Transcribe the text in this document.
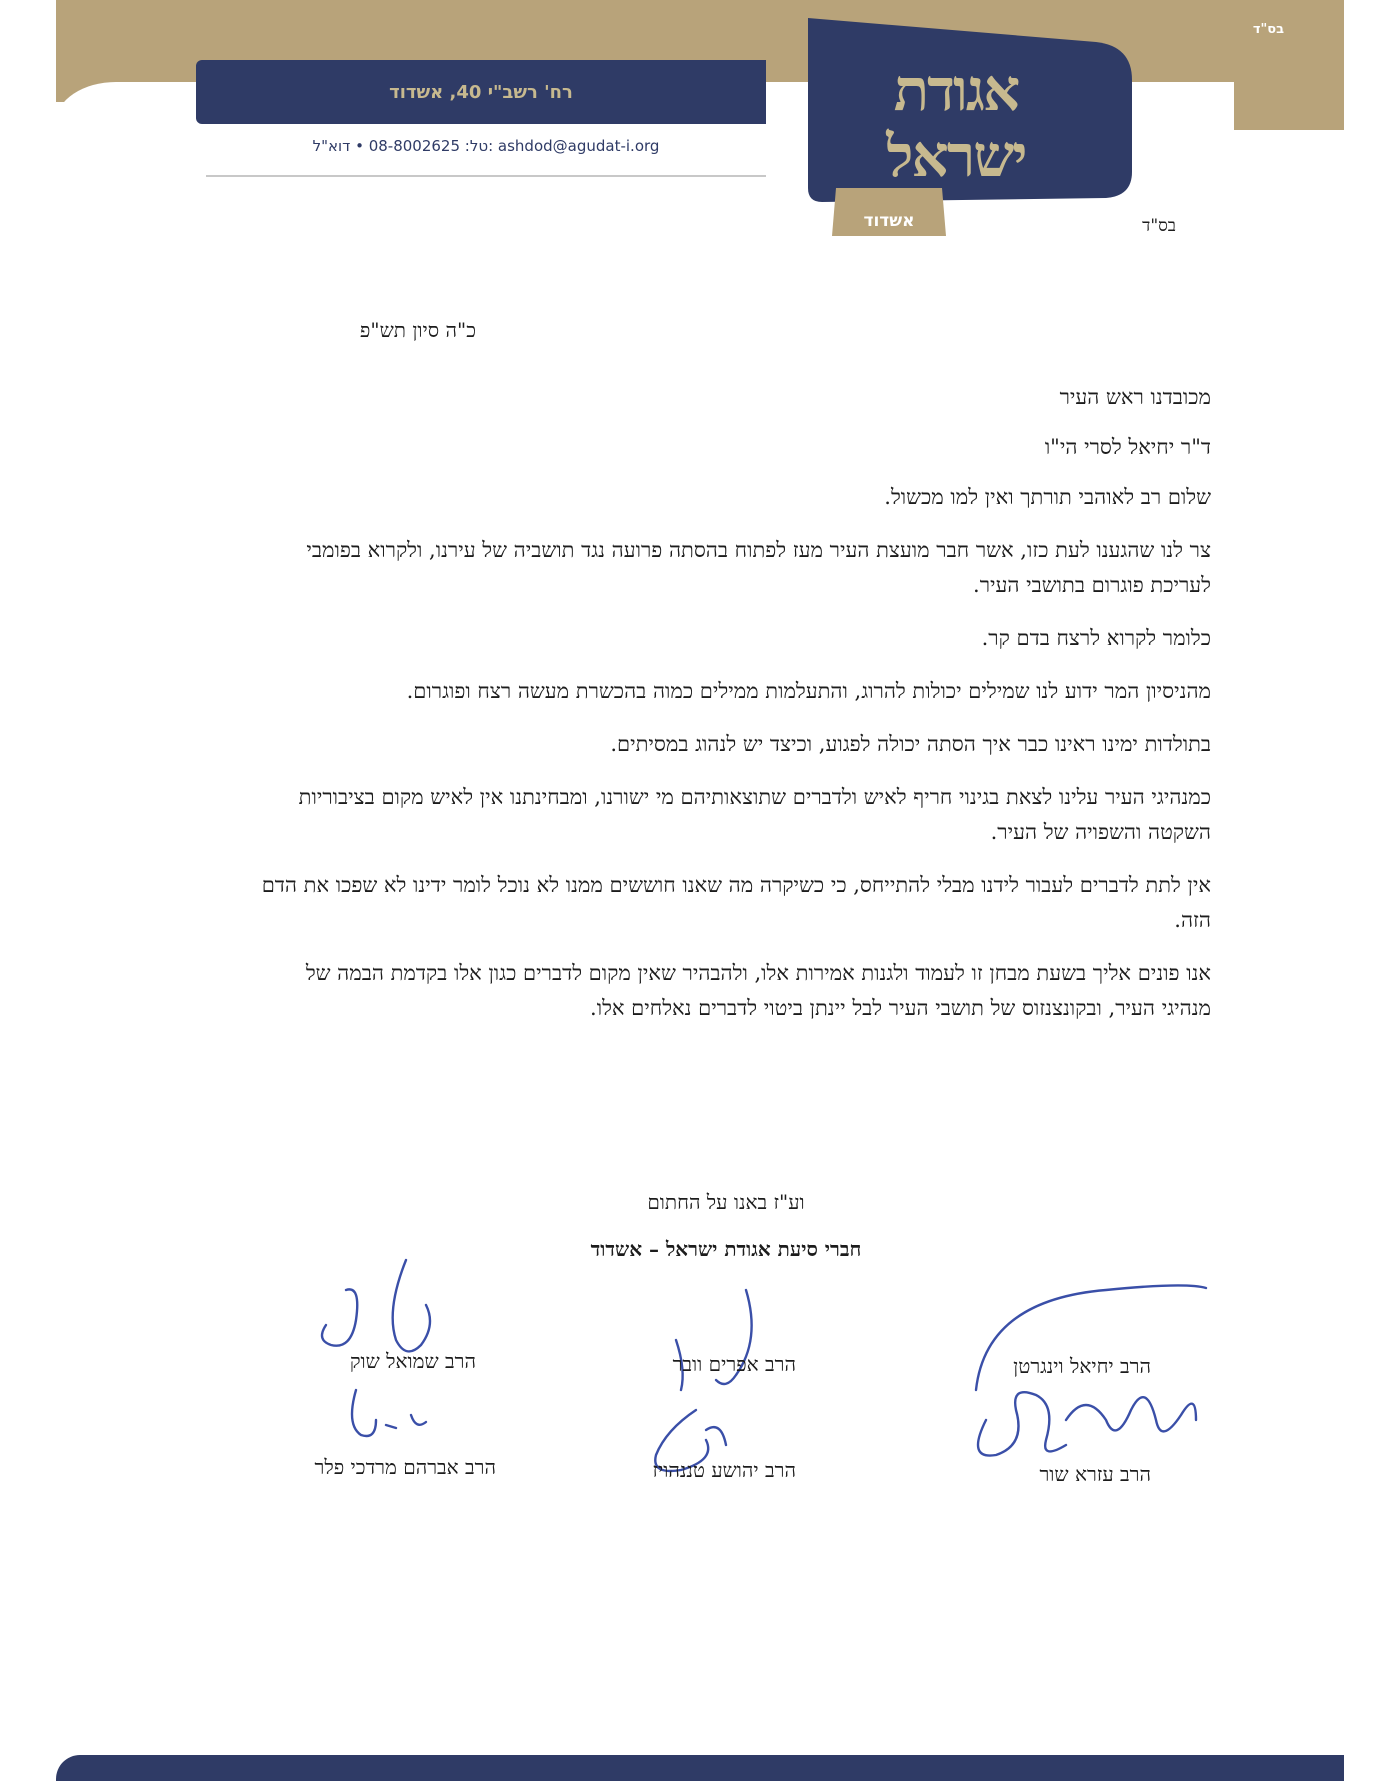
בס"ד
רח' רשב"י 40, אשדוד
טל: 08-8002625 • דוא"ל: ashdod@agudat-i.org
אגודת
ישראל
אשדוד	בס"ד
כ"ה סיון תש"פ

מכובדנו ראש העיר

ד"ר יחיאל לסרי הי"ו

שלום רב לאוהבי תורתך ואין למו מכשול.

צר לנו שהגענו לעת כזו, אשר חבר מועצת העיר מעז לפתוח בהסתה פרועה נגד תושביה של עירנו, ולקרוא בפומבי לעריכת פוגרום בתושבי העיר.

כלומר לקרוא לרצח בדם קר.

מהניסיון המר ידוע לנו שמילים יכולות להרוג, והתעלמות ממילים כמוה בהכשרת מעשה רצח ופוגרום.

בתולדות ימינו ראינו כבר איך הסתה יכולה לפגוע, וכיצד יש לנהוג במסיתים.

כמנהיגי העיר עלינו לצאת בגינוי חריף לאיש ולדברים שתוצאותיהם מי ישורנו, ומבחינתנו אין לאיש מקום בציבוריות השקטה והשפויה של העיר.

אין לתת לדברים לעבור לידנו מבלי להתייחס, כי כשיקרה מה שאנו חוששים ממנו לא נוכל לומר ידינו לא שפכו את הדם הזה.

אנו פונים אליך בשעת מבחן זו לעמוד ולגנות אמירות אלו, ולהבהיר שאין מקום לדברים כגון אלו בקדמת הבמה של מנהיגי העיר, ובקונצנזוס של תושבי העיר לבל יינתן ביטוי לדברים נאלחים אלו.

וע"ז באנו על החתום
חברי סיעת אגודת ישראל – אשדוד
הרב יחיאל וינגרטן
הרב אפרים וובר
הרב שמואל שוק
הרב עזרא שור
הרב יהושע טננהויז
הרב אברהם מרדכי פלר
